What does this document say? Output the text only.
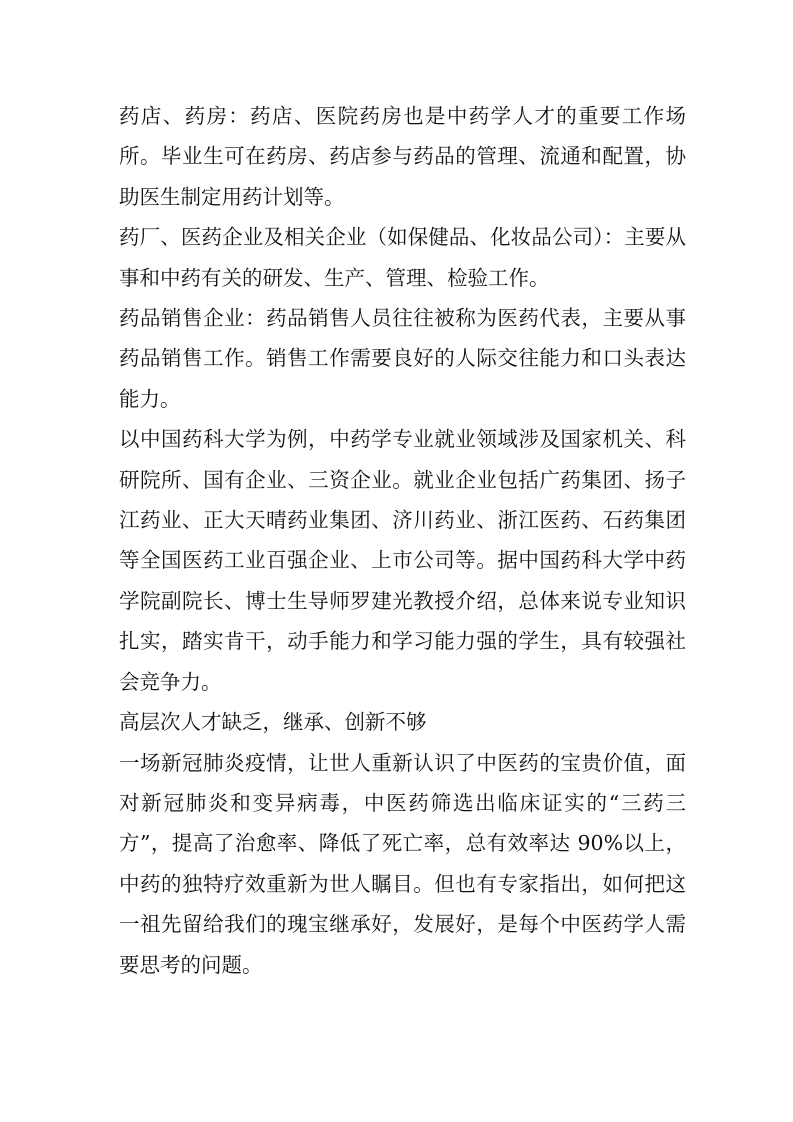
药店、药房：药店、医院药房也是中药学人才的重要工作场所。毕业生可在药房、药店参与药品的管理、流通和配置，协助医生制定用药计划等。

药厂、医药企业及相关企业（如保健品、化妆品公司）：主要从事和中药有关的研发、生产、管理、检验工作。

药品销售企业：药品销售人员往往被称为医药代表，主要从事药品销售工作。销售工作需要良好的人际交往能力和口头表达能力。

以中国药科大学为例，中药学专业就业领域涉及国家机关、科研院所、国有企业、三资企业。就业企业包括广药集团、扬子江药业、正大天晴药业集团、济川药业、浙江医药、石药集团等全国医药工业百强企业、上市公司等。据中国药科大学中药学院副院长、博士生导师罗建光教授介绍，总体来说专业知识扎实，踏实肯干，动手能力和学习能力强的学生，具有较强社会竞争力。

高层次人才缺乏，继承、创新不够

一场新冠肺炎疫情，让世人重新认识了中医药的宝贵价值，面对新冠肺炎和变异病毒，中医药筛选出临床证实的“三药三方”，提高了治愈率、降低了死亡率，总有效率达 90%以上，中药的独特疗效重新为世人瞩目。但也有专家指出，如何把这一祖先留给我们的瑰宝继承好，发展好，是每个中医药学人需要思考的问题。
